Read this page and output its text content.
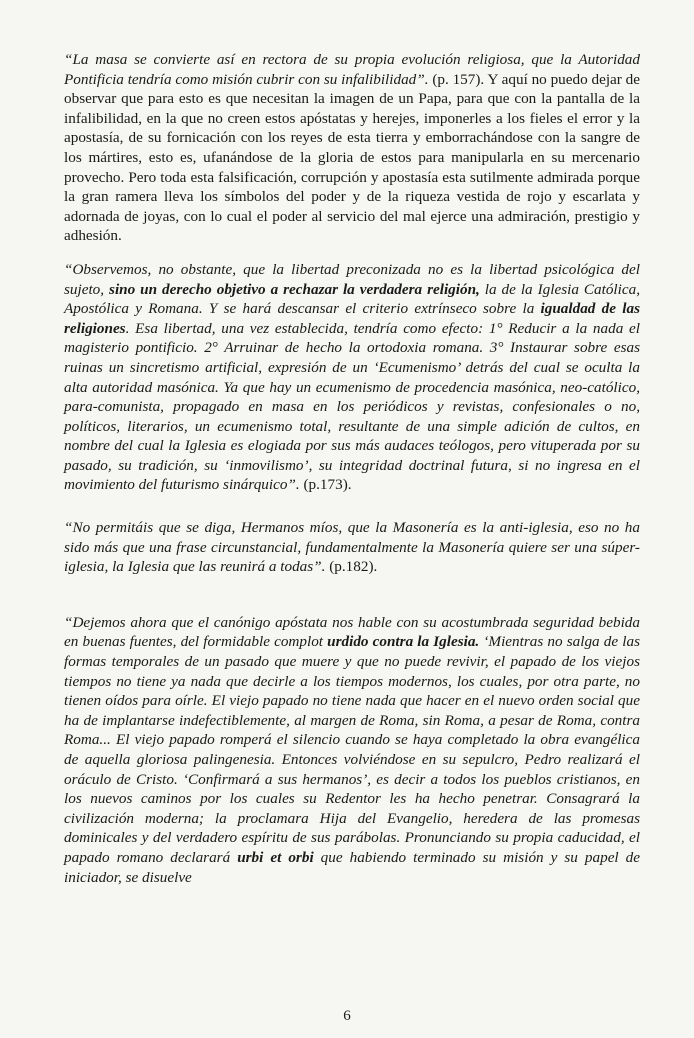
“La masa se convierte así en rectora de su propia evolución religiosa, que la Autoridad Pontificia tendría como misión cubrir con su infalibilidad”. (p. 157). Y aquí no puedo dejar de observar que para esto es que necesitan la imagen de un Papa, para que con la pantalla de la infalibilidad, en la que no creen estos apóstatas y herejes, imponerles a los fieles el error y la apostasía, de su fornicación con los reyes de esta tierra y emborrachándose con la sangre de los mártires, esto es, ufanándose de la gloria de estos para manipularla en su mercenario provecho. Pero toda esta falsificación, corrupción y apostasía esta sutilmente admirada porque la gran ramera lleva los símbolos del poder y de la riqueza vestida de rojo y escarlata y adornada de joyas, con lo cual el poder al servicio del mal ejerce una admiración, prestigio y adhesión.

“Observemos, no obstante, que la libertad preconizada no es la libertad psicológica del sujeto, sino un derecho objetivo a rechazar la verdadera religión, la de la Iglesia Católica, Apostólica y Romana. Y se hará descansar el criterio extrínseco sobre la igualdad de las religiones. Esa libertad, una vez establecida, tendría como efecto: 1° Reducir a la nada el magisterio pontificio. 2° Arruinar de hecho la ortodoxia romana. 3° Instaurar sobre esas ruinas un sincretismo artificial, expresión de un ‘Ecumenismo’ detrás del cual se oculta la alta autoridad masónica. Ya que hay un ecumenismo de procedencia masónica, neo-católico, para-comunista, propagado en masa en los periódicos y revistas, confesionales o no, políticos, literarios, un ecumenismo total, resultante de una simple adición de cultos, en nombre del cual la Iglesia es elogiada por sus más audaces teólogos, pero vituperada por su pasado, su tradición, su ‘inmovilismo’, su integridad doctrinal futura, si no ingresa en el movimiento del futurismo sinárquico”. (p.173).

“No permitáis que se diga, Hermanos míos, que la Masonería es la anti-iglesia, eso no ha sido más que una frase circunstancial, fundamentalmente la Masonería quiere ser una súper-iglesia, la Iglesia que las reunirá a todas”. (p.182).

“Dejemos ahora que el canónigo apóstata nos hable con su acostumbrada seguridad bebida en buenas fuentes, del formidable complot urdido contra la Iglesia. ‘Mientras no salga de las formas temporales de un pasado que muere y que no puede revivir, el papado de los viejos tiempos no tiene ya nada que decirle a los tiempos modernos, los cuales, por otra parte, no tienen oídos para oírle. El viejo papado no tiene nada que hacer en el nuevo orden social que ha de implantarse indefectiblemente, al margen de Roma, sin Roma, a pesar de Roma, contra Roma... El viejo papado romperá el silencio cuando se haya completado la obra evangélica de aquella gloriosa palingenesia. Entonces volviéndose en su sepulcro, Pedro realizará el oráculo de Cristo. ‘Confirmará a sus hermanos’, es decir a todos los pueblos cristianos, en los nuevos caminos por los cuales su Redentor les ha hecho penetrar. Consagrará la civilización moderna; la proclamara Hija del Evangelio, heredera de las promesas dominicales y del verdadero espíritu de sus parábolas. Pronunciando su propia caducidad, el papado romano declarará urbi et orbi que habiendo terminado su misión y su papel de iniciador, se disuelve

6
